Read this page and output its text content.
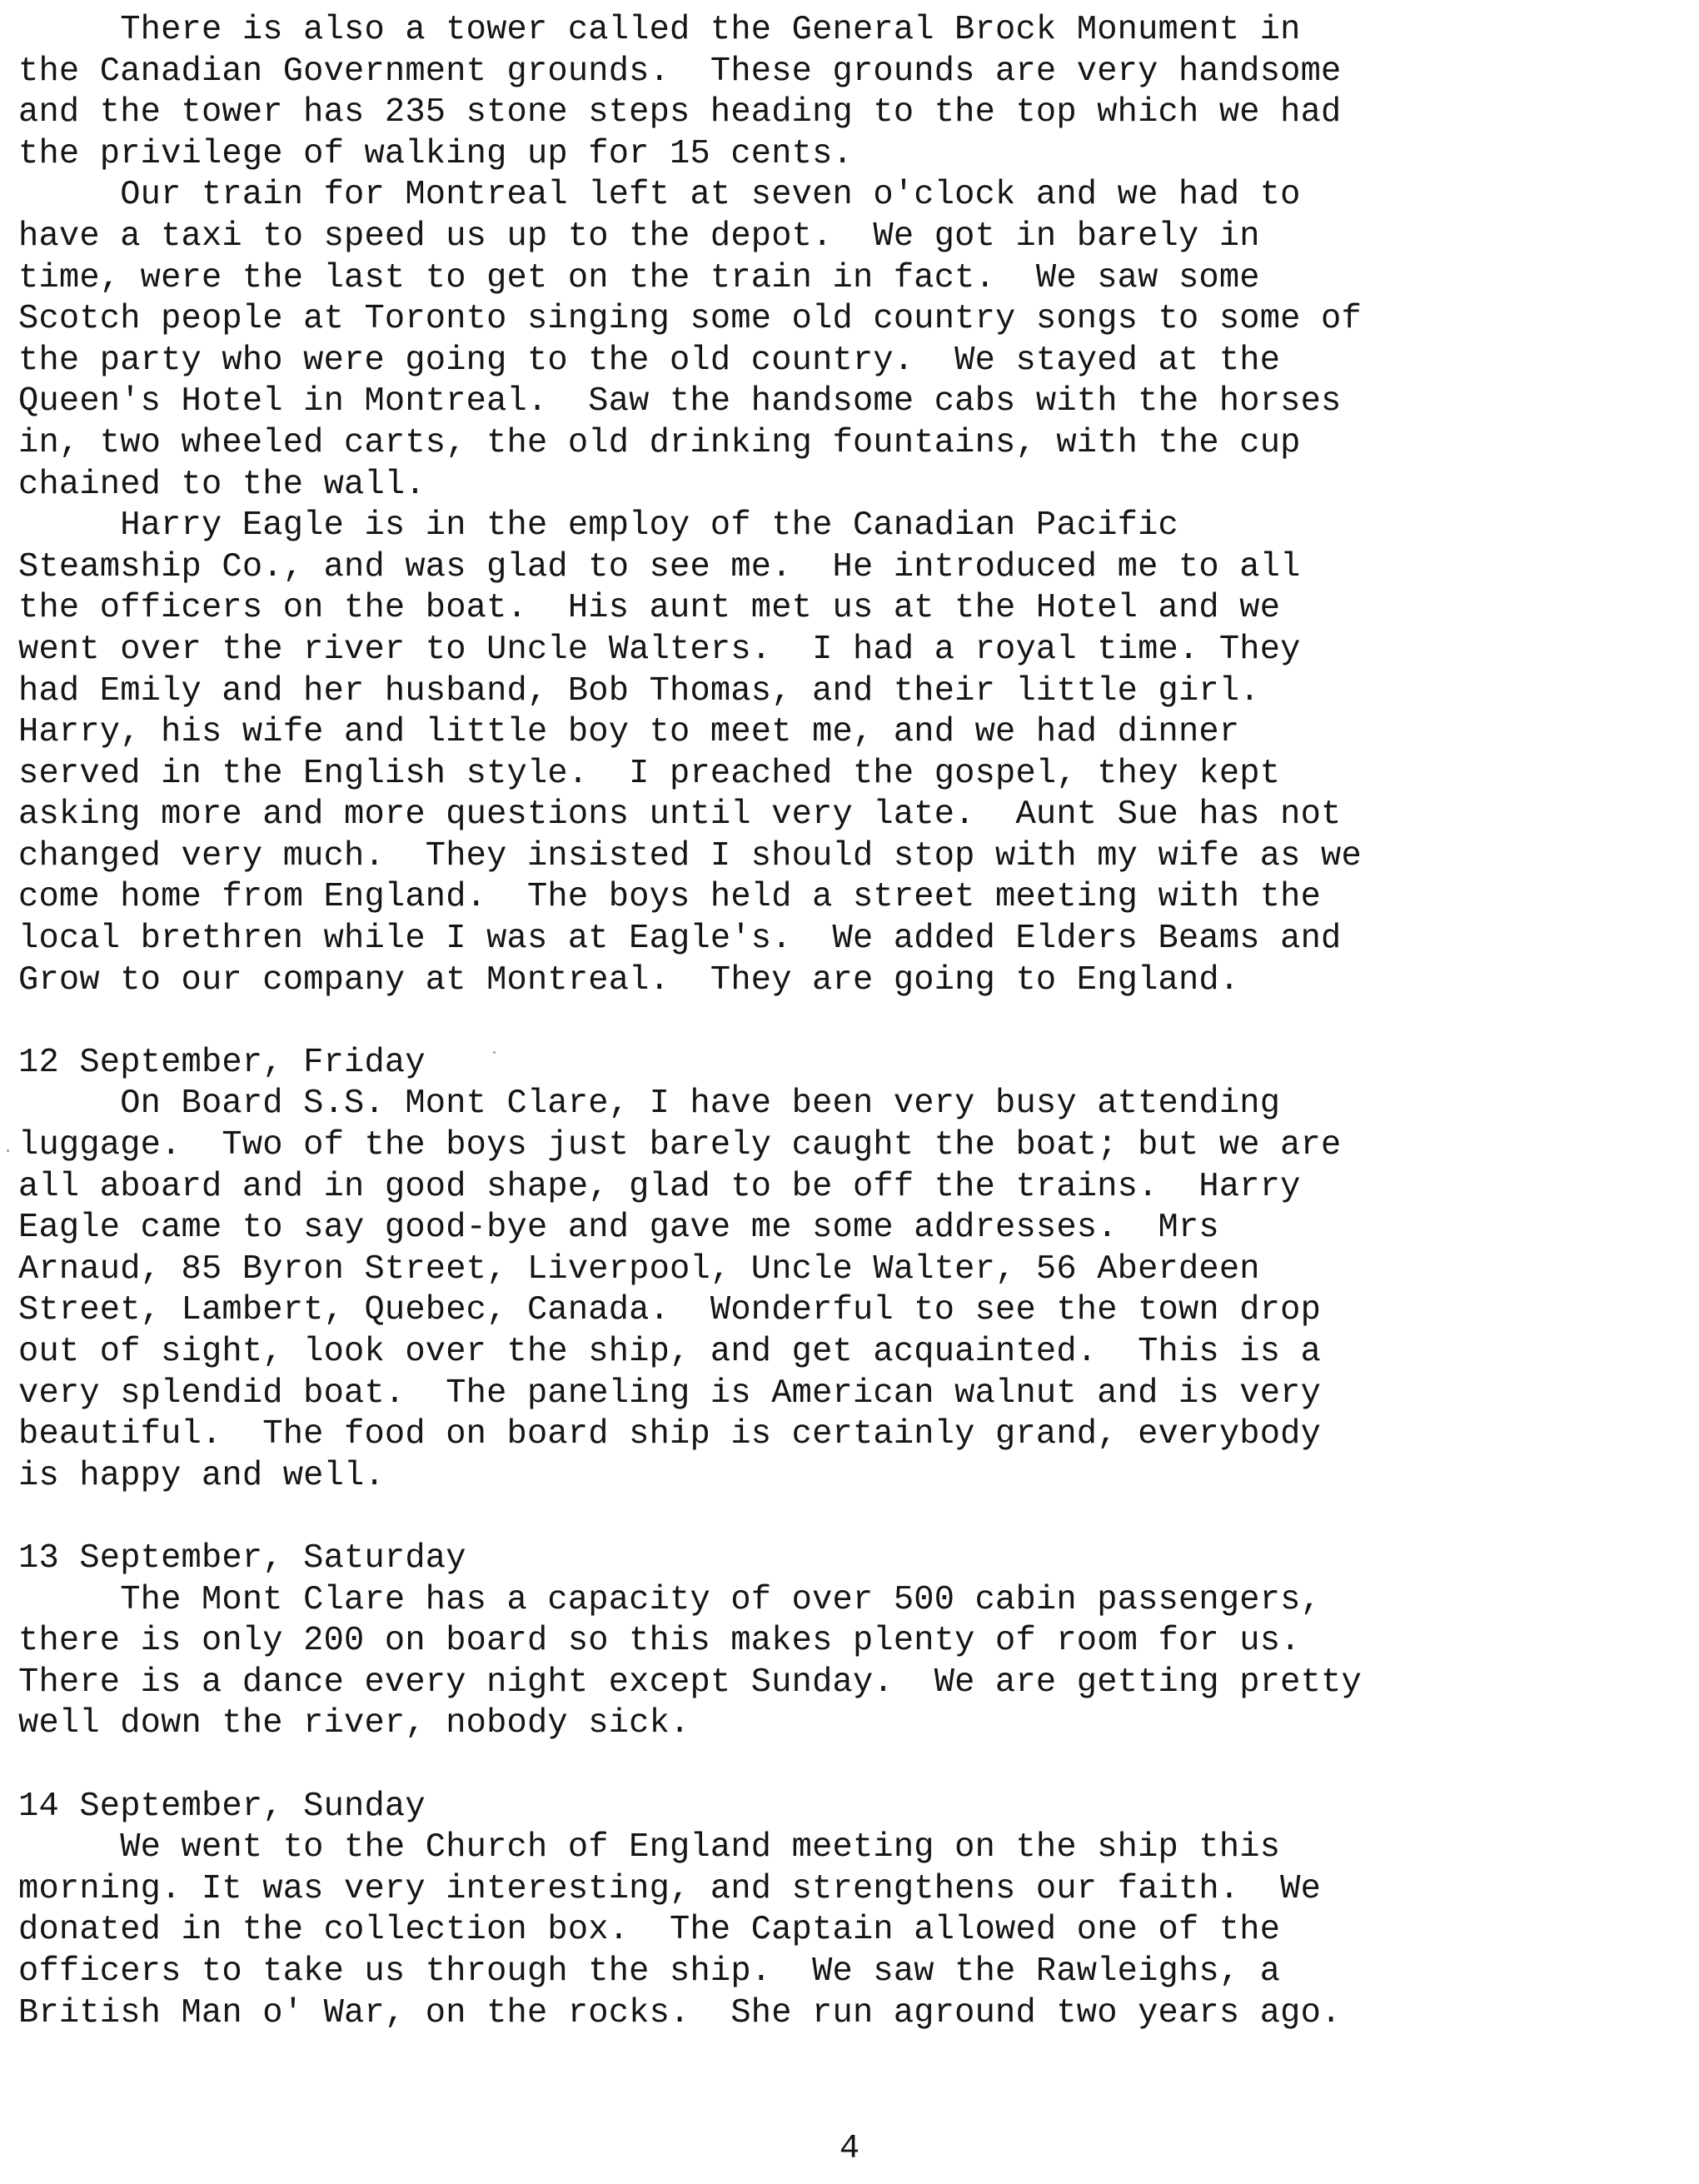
There is also a tower called the General Brock Monument in
the Canadian Government grounds.  These grounds are very handsome
and the tower has 235 stone steps heading to the top which we had
the privilege of walking up for 15 cents.
Our train for Montreal left at seven o'clock and we had to
have a taxi to speed us up to the depot.  We got in barely in
time, were the last to get on the train in fact.  We saw some
Scotch people at Toronto singing some old country songs to some of
the party who were going to the old country.  We stayed at the
Queen's Hotel in Montreal.  Saw the handsome cabs with the horses
in, two wheeled carts, the old drinking fountains, with the cup
chained to the wall.
Harry Eagle is in the employ of the Canadian Pacific
Steamship Co., and was glad to see me.  He introduced me to all
the officers on the boat.  His aunt met us at the Hotel and we
went over the river to Uncle Walters.  I had a royal time. They
had Emily and her husband, Bob Thomas, and their little girl.
Harry, his wife and little boy to meet me, and we had dinner
served in the English style.  I preached the gospel, they kept
asking more and more questions until very late.  Aunt Sue has not
changed very much.  They insisted I should stop with my wife as we
come home from England.  The boys held a street meeting with the
local brethren while I was at Eagle's.  We added Elders Beams and
Grow to our company at Montreal.  They are going to England.
12 September, Friday
On Board S.S. Mont Clare, I have been very busy attending
luggage.  Two of the boys just barely caught the boat; but we are
all aboard and in good shape, glad to be off the trains.  Harry
Eagle came to say good-bye and gave me some addresses.  Mrs
Arnaud, 85 Byron Street, Liverpool, Uncle Walter, 56 Aberdeen
Street, Lambert, Quebec, Canada.  Wonderful to see the town drop
out of sight, look over the ship, and get acquainted.  This is a
very splendid boat.  The paneling is American walnut and is very
beautiful.  The food on board ship is certainly grand, everybody
is happy and well.
13 September, Saturday
The Mont Clare has a capacity of over 500 cabin passengers,
there is only 200 on board so this makes plenty of room for us.
There is a dance every night except Sunday.  We are getting pretty
well down the river, nobody sick.
14 September, Sunday
We went to the Church of England meeting on the ship this
morning. It was very interesting, and strengthens our faith.  We
donated in the collection box.  The Captain allowed one of the
officers to take us through the ship.  We saw the Rawleighs, a
British Man o' War, on the rocks.  She run aground two years ago.
4
